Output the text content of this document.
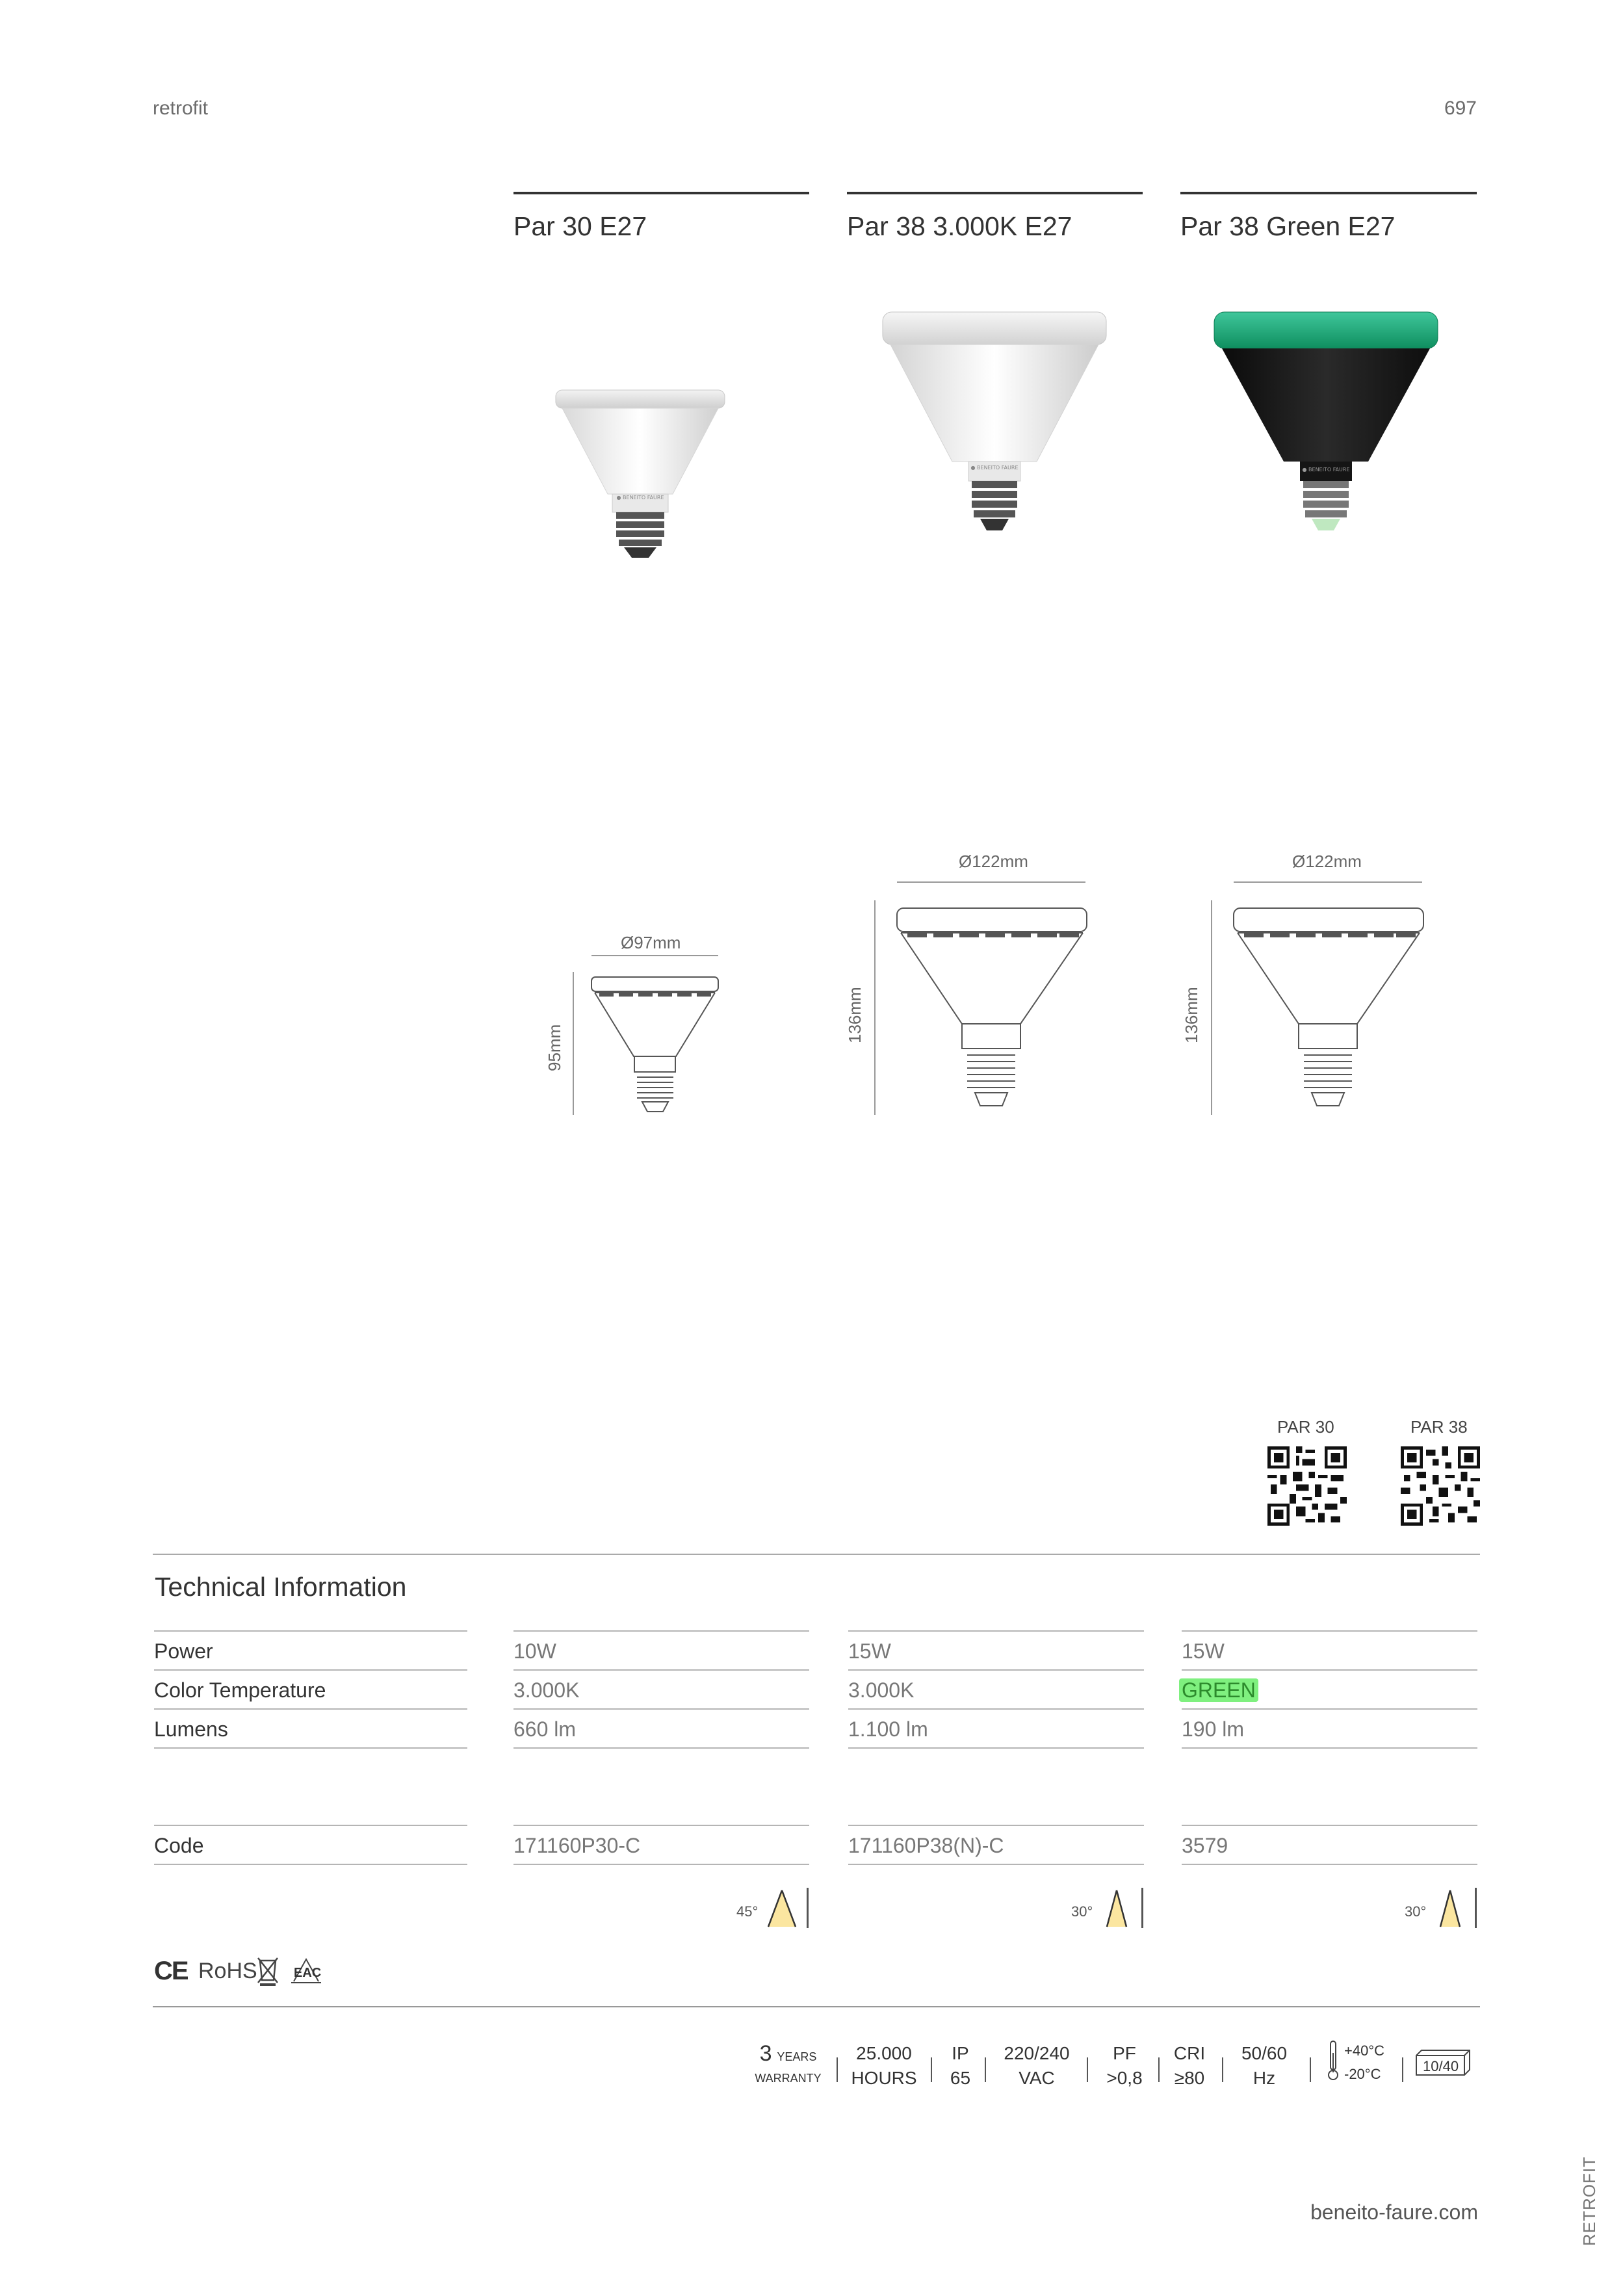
retrofit	697
Par 30 E27	Par 38 3.000K E27	Par 38 Green E27
● BENEITO FAURE
● BENEITO FAURE	● BENEITO FAURE
Ø97mm
95mm
Ø122mm
136mm
Ø122mm
136mm
PAR 30	PAR 38
Technical Information
Power	10W	15W	15W
Color Temperature	3.000K	3.000K	GREEN
Lumens	660 lm	1.100 lm	190 lm
Code	171160P30-C	171160P38(N)-C	3579
45°	30°	30°
CE RoHS	EAC
3 YEARS
$^{WARRANTY}$
25.000
HOURS
IP
65
220/240
VAC
PF
>0,8
CRI
≥80
50/60
Hz
+40°C
-20°C	10/40
beneito-faure.com	RETROFIT
